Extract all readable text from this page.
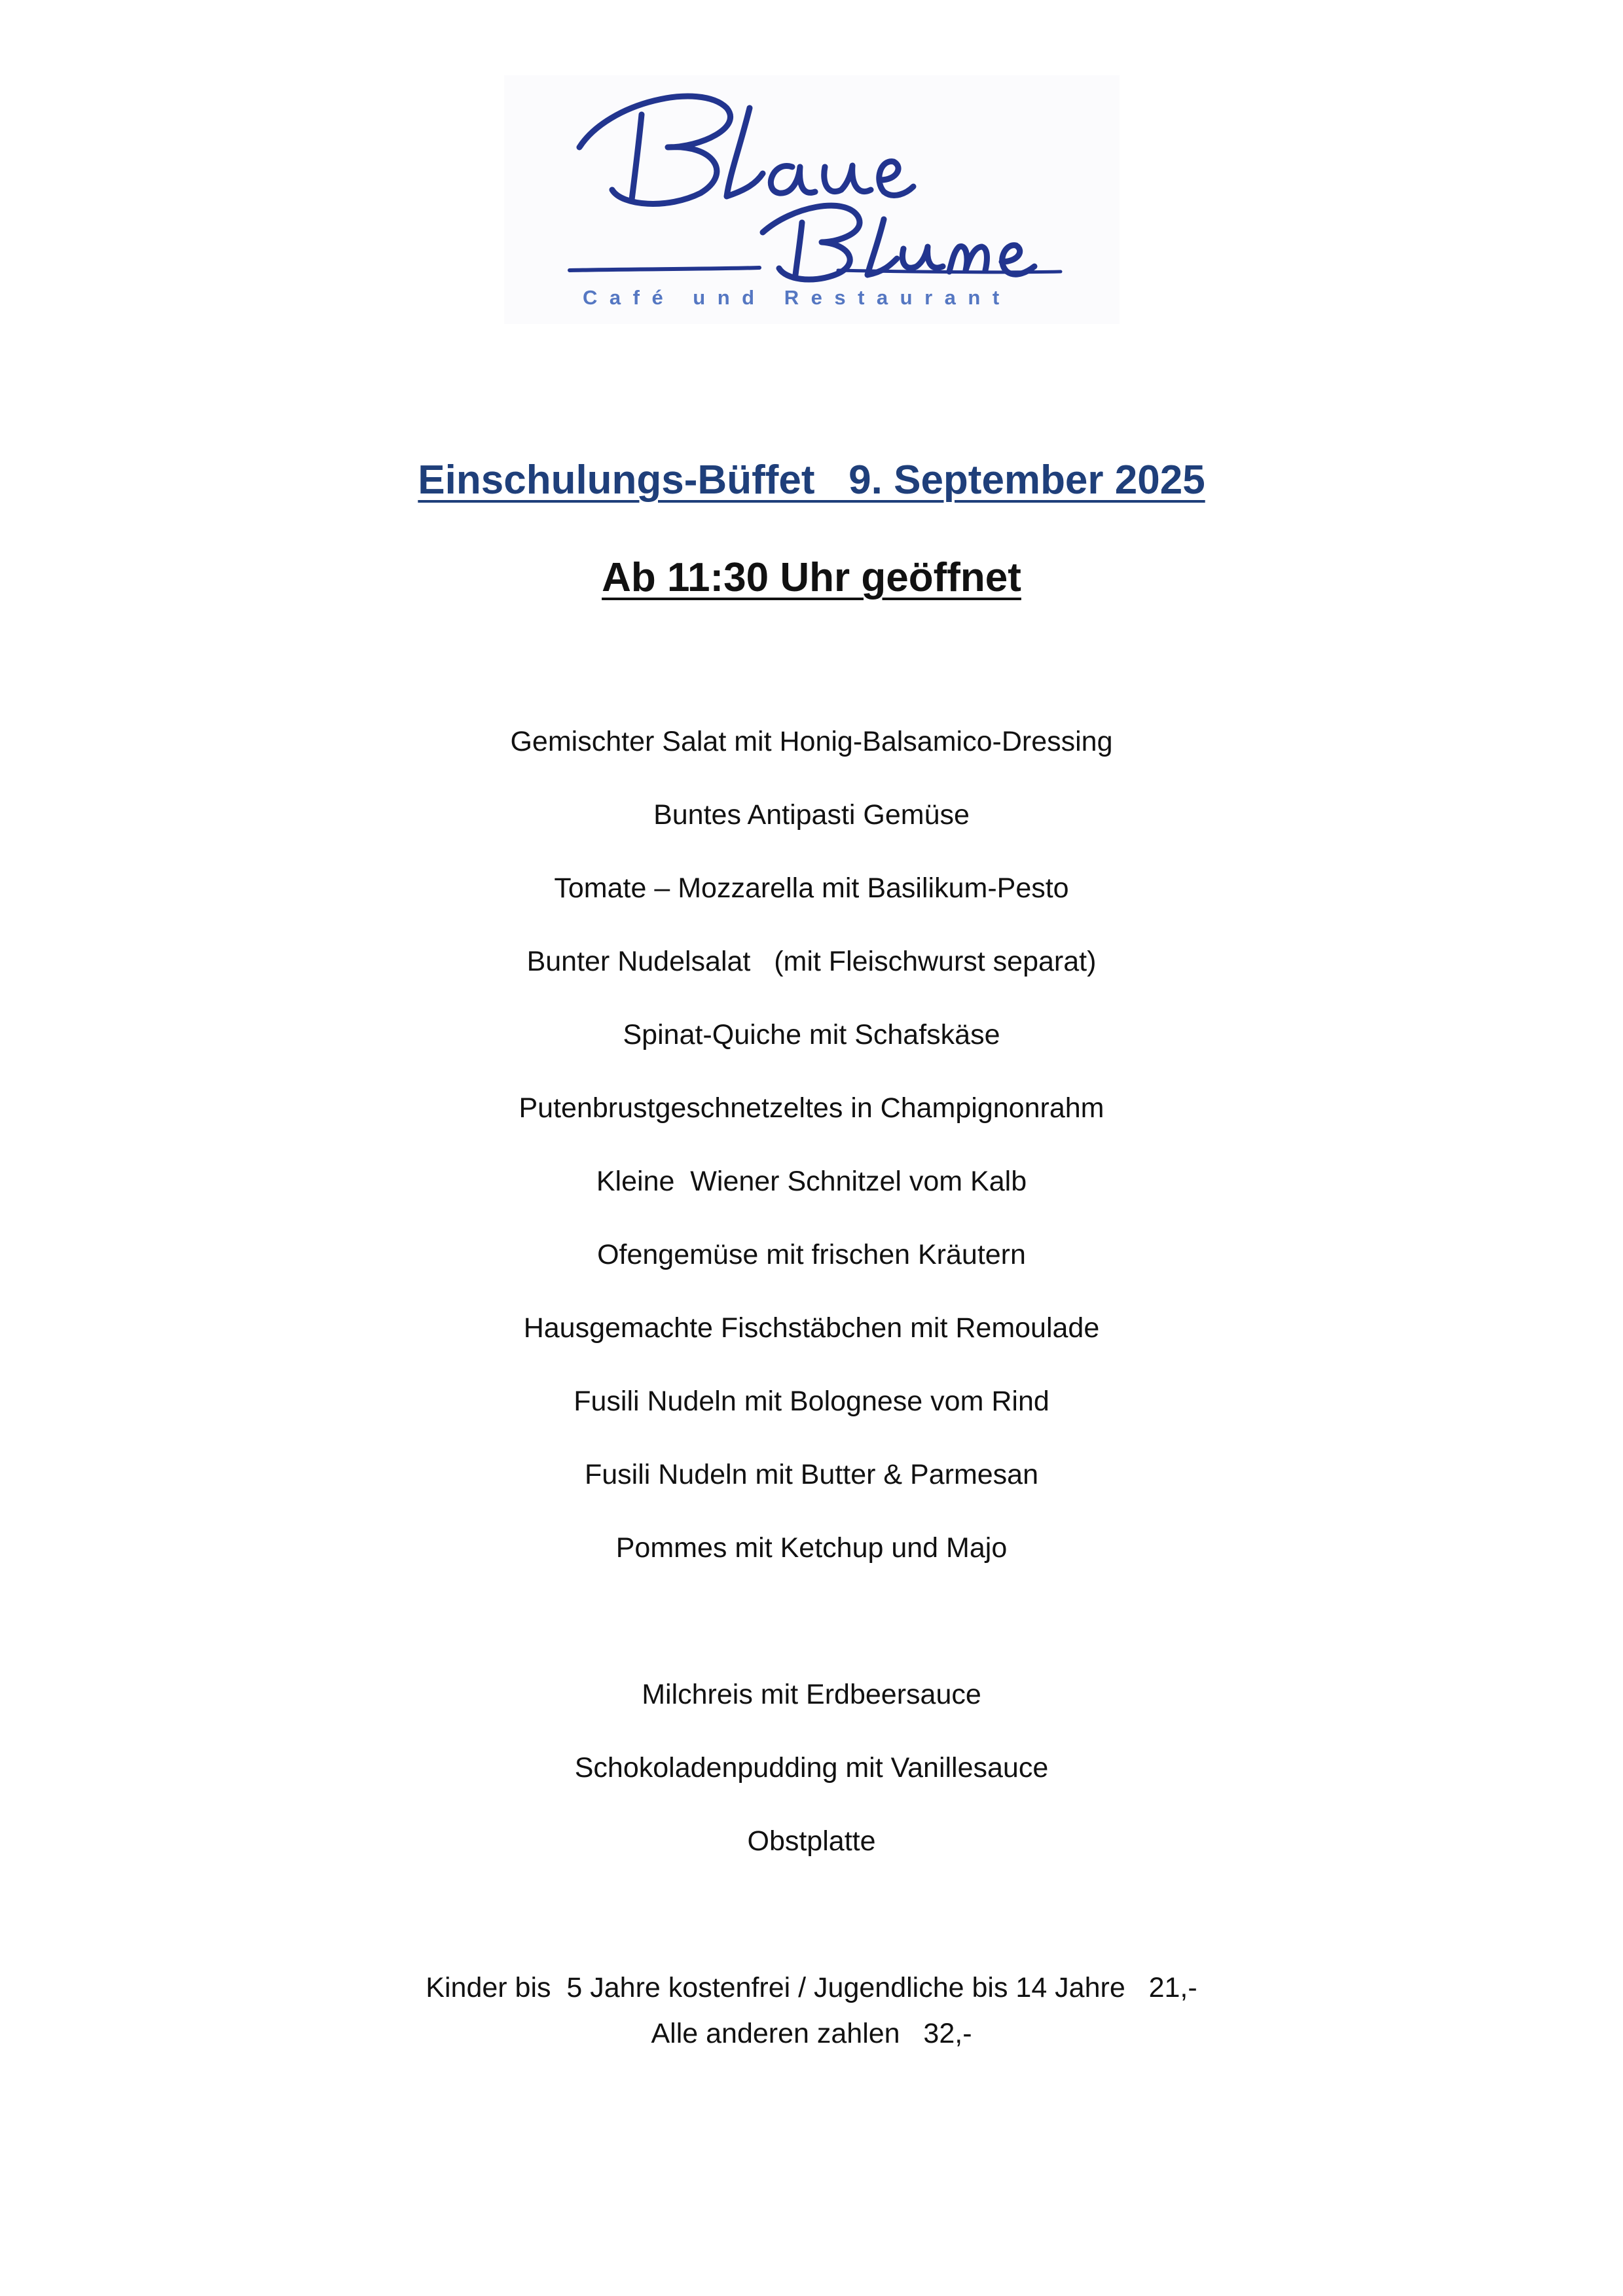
Café und Restaurant
Einschulungs-Büffet   9. September 2025
Ab 11:30 Uhr geöffnet
Gemischter Salat mit Honig-Balsamico-Dressing
Buntes Antipasti Gemüse
Tomate – Mozzarella mit Basilikum-Pesto
Bunter Nudelsalat   (mit Fleischwurst separat)
Spinat-Quiche mit Schafskäse
Putenbrustgeschnetzeltes in Champignonrahm
Kleine  Wiener Schnitzel vom Kalb
Ofengemüse mit frischen Kräutern
Hausgemachte Fischstäbchen mit Remoulade
Fusili Nudeln mit Bolognese vom Rind
Fusili Nudeln mit Butter & Parmesan
Pommes mit Ketchup und Majo
Milchreis mit Erdbeersauce
Schokoladenpudding mit Vanillesauce
Obstplatte
Kinder bis  5 Jahre kostenfrei / Jugendliche bis 14 Jahre   21,-
Alle anderen zahlen   32,-
